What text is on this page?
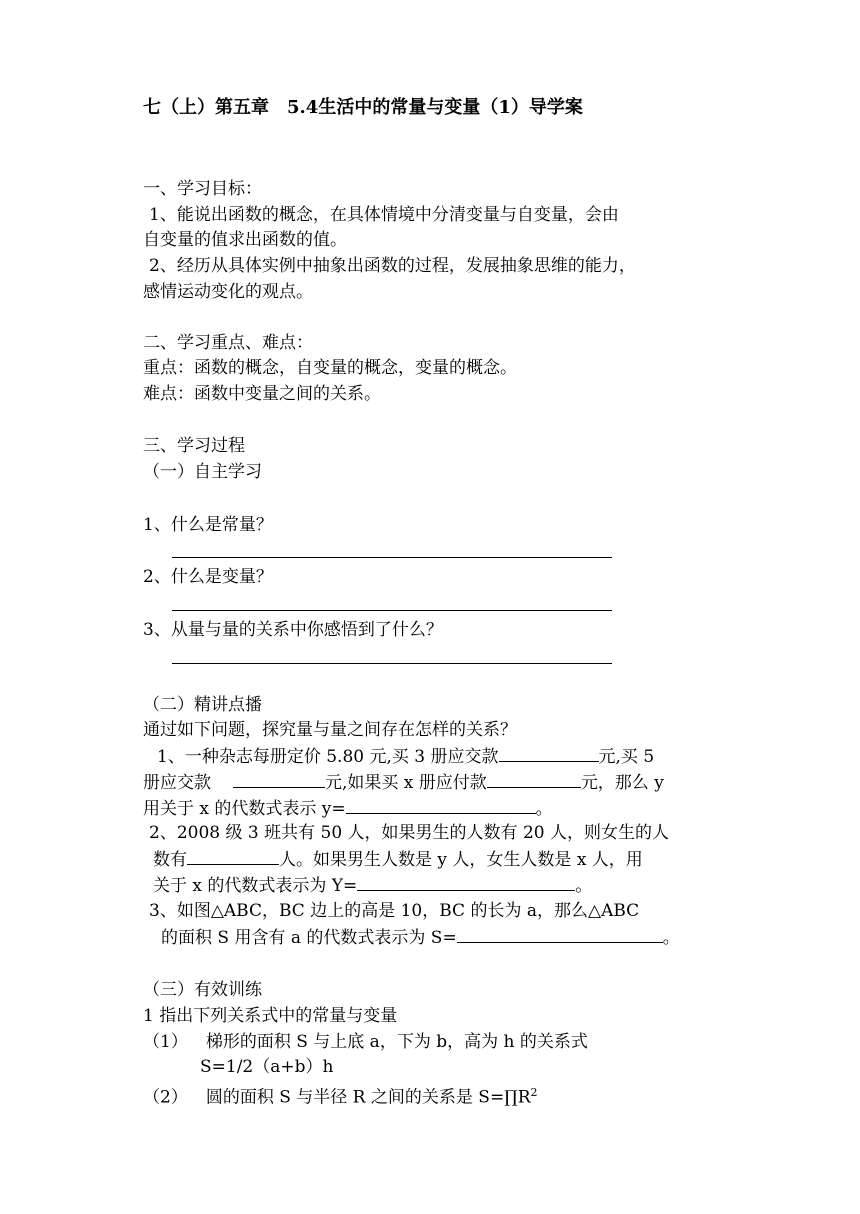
七（上）第五章　5.4生活中的常量与变量（1）导学案
一、学习目标：
1、能说出函数的概念，在具体情境中分清变量与自变量，会由
自变量的值求出函数的值。
2、经历从具体实例中抽象出函数的过程，发展抽象思维的能力，
感情运动变化的观点。
二、学习重点、难点：
重点：函数的概念，自变量的概念，变量的概念。
难点：函数中变量之间的关系。
三、学习过程
（一）自主学习
1、什么是常量？
2、什么是变量？
3、从量与量的关系中你感悟到了什么？
（二）精讲点播
通过如下问题，探究量与量之间存在怎样的关系？
1、一种杂志每册定价 5.80 元,买 3 册应交款	元,买 5
册应交款	元,如果买 x 册应付款	元，那么 y
用关于 x 的代数式表示 y=	。
2、2008 级 3 班共有 50 人，如果男生的人数有 20 人，则女生的人
数有	人。如果男生人数是 y 人，女生人数是 x 人，用
关于 x 的代数式表示为 Y=	。
3、如图△ABC，BC 边上的高是 10，BC 的长为 a，那么△ABC
的面积 S 用含有 a 的代数式表示为 S=	。
（三）有效训练
1 指出下列关系式中的常量与变量
（1） 梯形的面积 S 与上底 a，下为 b，高为 h 的关系式
S=1/2（a+b）h
（2） 圆的面积 S 与半径 R 之间的关系是 $S=\prod R^2$
